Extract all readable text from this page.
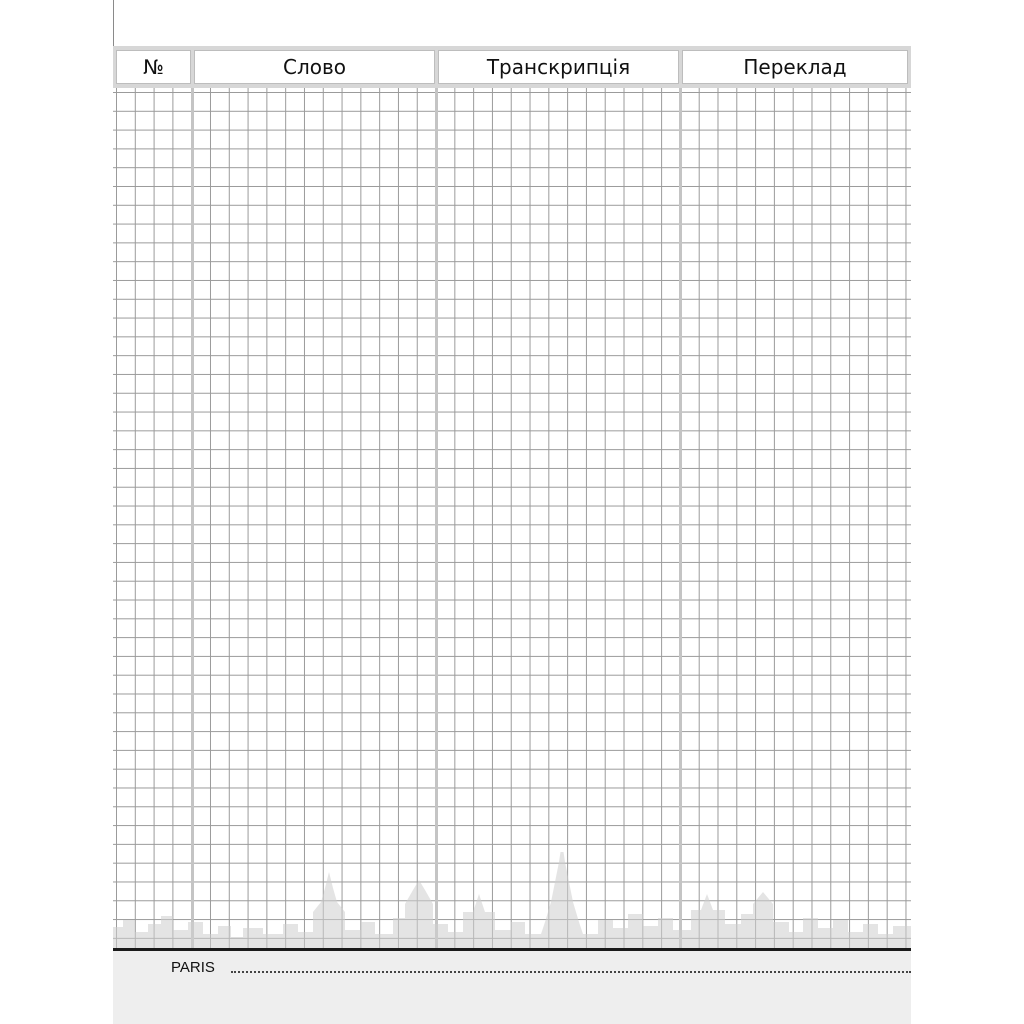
№	Слово	Транскрипція	Переклад
PARIS
